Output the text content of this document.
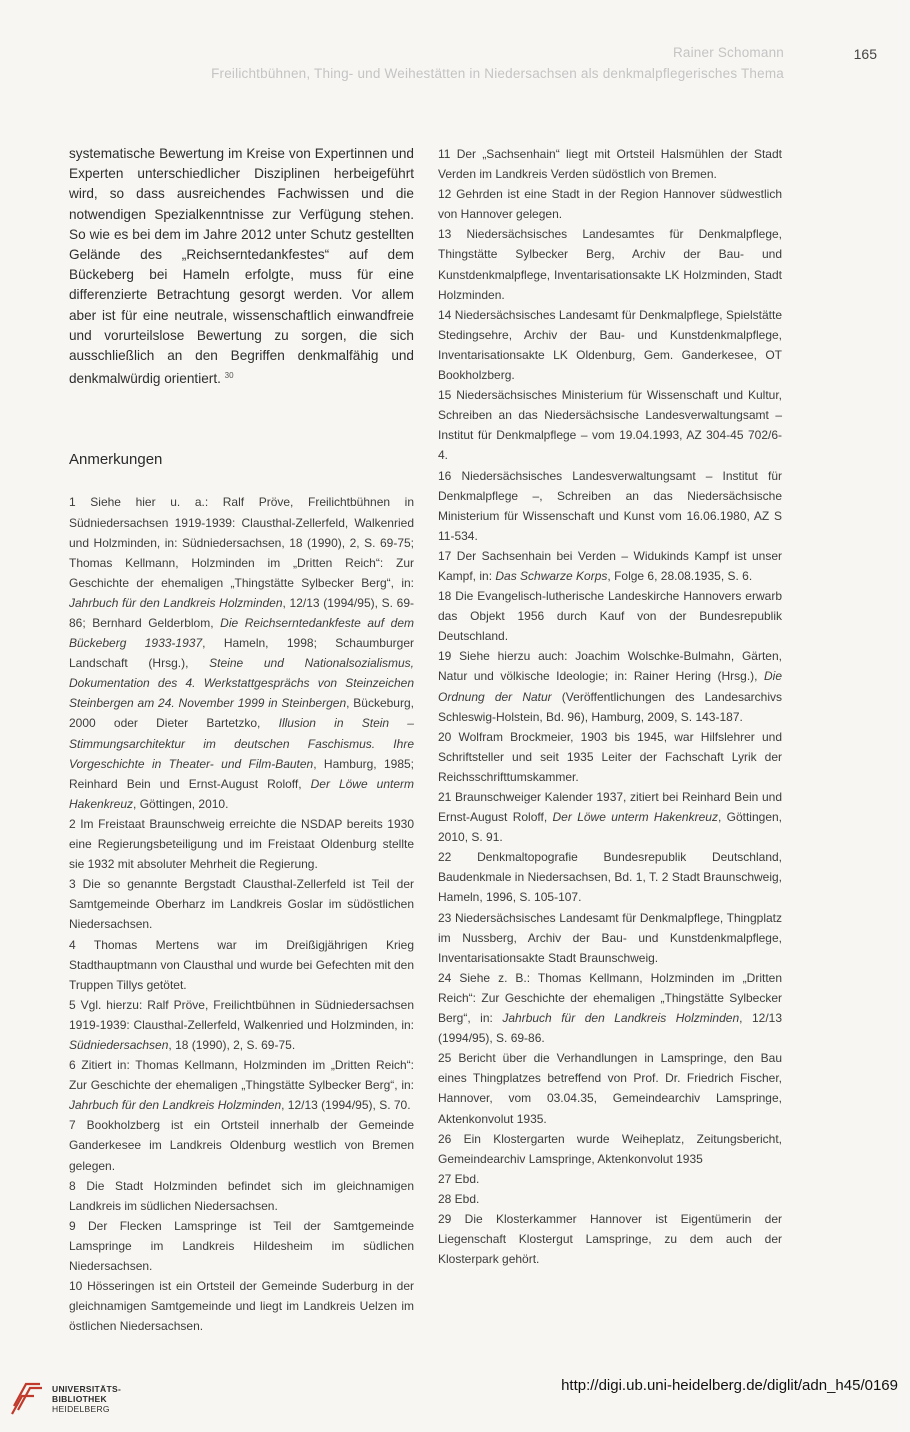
Rainer Schomann
Freilichtbühnen, Thing- und Weihestätten in Niedersachsen als denkmalpflegerisches Thema
165

systematische Bewertung im Kreise von Expertinnen und Experten unterschiedlicher Disziplinen herbeigeführt wird, so dass ausreichendes Fachwissen und die notwendigen Spezialkenntnisse zur Verfügung stehen. So wie es bei dem im Jahre 2012 unter Schutz gestellten Gelände des „Reichserntedankfestes“ auf dem Bückeberg bei Hameln erfolgte, muss für eine differenzierte Betrachtung gesorgt werden. Vor allem aber ist für eine neutrale, wissenschaftlich einwandfreie und vorurteilslose Bewertung zu sorgen, die sich ausschließlich an den Begriffen denkmalfähig und denkmalwürdig orientiert. $^{30}$

Anmerkungen

1 Siehe hier u. a.: Ralf Pröve, Freilichtbühnen in Südniedersachsen 1919-1939: Clausthal-Zellerfeld, Walkenried und Holzminden, in: Südniedersachsen, 18 (1990), 2, S. 69-75; Thomas Kellmann, Holzminden im „Dritten Reich“: Zur Geschichte der ehemaligen „Thingstätte Sylbecker Berg“, in: Jahrbuch für den Landkreis Holzminden, 12/13 (1994/95), S. 69-86; Bernhard Gelderblom, Die Reichserntedankfeste auf dem Bückeberg 1933-1937, Hameln, 1998; Schaumburger Landschaft (Hrsg.), Steine und Nationalsozialismus, Dokumentation des 4. Werkstattgesprächs von Steinzeichen Steinbergen am 24. November 1999 in Steinbergen, Bückeburg, 2000 oder Dieter Bartetzko, Illusion in Stein – Stimmungsarchitektur im deutschen Faschismus. Ihre Vorgeschichte in Theater- und Film-Bauten, Hamburg, 1985; Reinhard Bein und Ernst-August Roloff, Der Löwe unterm Hakenkreuz, Göttingen, 2010.

2 Im Freistaat Braunschweig erreichte die NSDAP bereits 1930 eine Regierungsbeteiligung und im Freistaat Oldenburg stellte sie 1932 mit absoluter Mehrheit die Regierung.

3 Die so genannte Bergstadt Clausthal-Zellerfeld ist Teil der Samtgemeinde Oberharz im Landkreis Goslar im südöstlichen Niedersachsen.

4 Thomas Mertens war im Dreißigjährigen Krieg Stadthauptmann von Clausthal und wurde bei Gefechten mit den Truppen Tillys getötet.

5 Vgl. hierzu: Ralf Pröve, Freilichtbühnen in Südniedersachsen 1919-1939: Clausthal-Zellerfeld, Walkenried und Holzminden, in: Südniedersachsen, 18 (1990), 2, S. 69-75.

6 Zitiert in: Thomas Kellmann, Holzminden im „Dritten Reich“: Zur Geschichte der ehemaligen „Thingstätte Sylbecker Berg“, in: Jahrbuch für den Landkreis Holzminden, 12/13 (1994/95), S. 70.

7 Bookholzberg ist ein Ortsteil innerhalb der Gemeinde Ganderkesee im Landkreis Oldenburg westlich von Bremen gelegen.

8 Die Stadt Holzminden befindet sich im gleichnamigen Landkreis im südlichen Niedersachsen.

9 Der Flecken Lamspringe ist Teil der Samtgemeinde Lamspringe im Landkreis Hildesheim im südlichen Niedersachsen.

10 Hösseringen ist ein Ortsteil der Gemeinde Suderburg in der gleichnamigen Samtgemeinde und liegt im Landkreis Uelzen im östlichen Niedersachsen.

11 Der „Sachsenhain“ liegt mit Ortsteil Halsmühlen der Stadt Verden im Landkreis Verden südöstlich von Bremen.

12 Gehrden ist eine Stadt in der Region Hannover südwestlich von Hannover gelegen.

13 Niedersächsisches Landesamtes für Denkmalpflege, Thingstätte Sylbecker Berg, Archiv der Bau- und Kunstdenkmalpflege, Inventarisationsakte LK Holzminden, Stadt Holzminden.

14 Niedersächsisches Landesamt für Denkmalpflege, Spielstätte Stedingsehre, Archiv der Bau- und Kunstdenkmalpflege, Inventarisationsakte LK Oldenburg, Gem. Ganderkesee, OT Bookholzberg.

15 Niedersächsisches Ministerium für Wissenschaft und Kultur, Schreiben an das Niedersächsische Landesverwaltungsamt – Institut für Denkmalpflege – vom 19.04.1993, AZ 304-45 702/6-4.

16 Niedersächsisches Landesverwaltungsamt – Institut für Denkmalpflege –, Schreiben an das Niedersächsische Ministerium für Wissenschaft und Kunst vom 16.06.1980, AZ S 11-534.

17 Der Sachsenhain bei Verden – Widukinds Kampf ist unser Kampf, in: Das Schwarze Korps, Folge 6, 28.08.1935, S. 6.

18 Die Evangelisch-lutherische Landeskirche Hannovers erwarb das Objekt 1956 durch Kauf von der Bundesrepublik Deutschland.

19 Siehe hierzu auch: Joachim Wolschke-Bulmahn, Gärten, Natur und völkische Ideologie; in: Rainer Hering (Hrsg.), Die Ordnung der Natur (Veröffentlichungen des Landesarchivs Schleswig-Holstein, Bd. 96), Hamburg, 2009, S. 143-187.

20 Wolfram Brockmeier, 1903 bis 1945, war Hilfslehrer und Schriftsteller und seit 1935 Leiter der Fachschaft Lyrik der Reichsschrifttumskammer.

21 Braunschweiger Kalender 1937, zitiert bei Reinhard Bein und Ernst-August Roloff, Der Löwe unterm Hakenkreuz, Göttingen, 2010, S. 91.

22 Denkmaltopografie Bundesrepublik Deutschland, Baudenkmale in Niedersachsen, Bd. 1, T. 2 Stadt Braunschweig, Hameln, 1996, S. 105-107.

23 Niedersächsisches Landesamt für Denkmalpflege, Thingplatz im Nussberg, Archiv der Bau- und Kunstdenkmalpflege, Inventarisationsakte Stadt Braunschweig.

24 Siehe z. B.: Thomas Kellmann, Holzminden im „Dritten Reich“: Zur Geschichte der ehemaligen „Thingstätte Sylbecker Berg“, in: Jahrbuch für den Landkreis Holzminden, 12/13 (1994/95), S. 69-86.

25 Bericht über die Verhandlungen in Lamspringe, den Bau eines Thingplatzes betreffend von Prof. Dr. Friedrich Fischer, Hannover, vom 03.04.35, Gemeindearchiv Lamspringe, Aktenkonvolut 1935.

26 Ein Klostergarten wurde Weiheplatz, Zeitungsbericht, Gemeindearchiv Lamspringe, Aktenkonvolut 1935

27 Ebd.

28 Ebd.

29 Die Klosterkammer Hannover ist Eigentümerin der Liegenschaft Klostergut Lamspringe, zu dem auch der Klosterpark gehört.

UNIVERSITÄTS-
BIBLIOTHEK
HEIDELBERG
http://digi.ub.uni-heidelberg.de/diglit/adn_h45/0169
